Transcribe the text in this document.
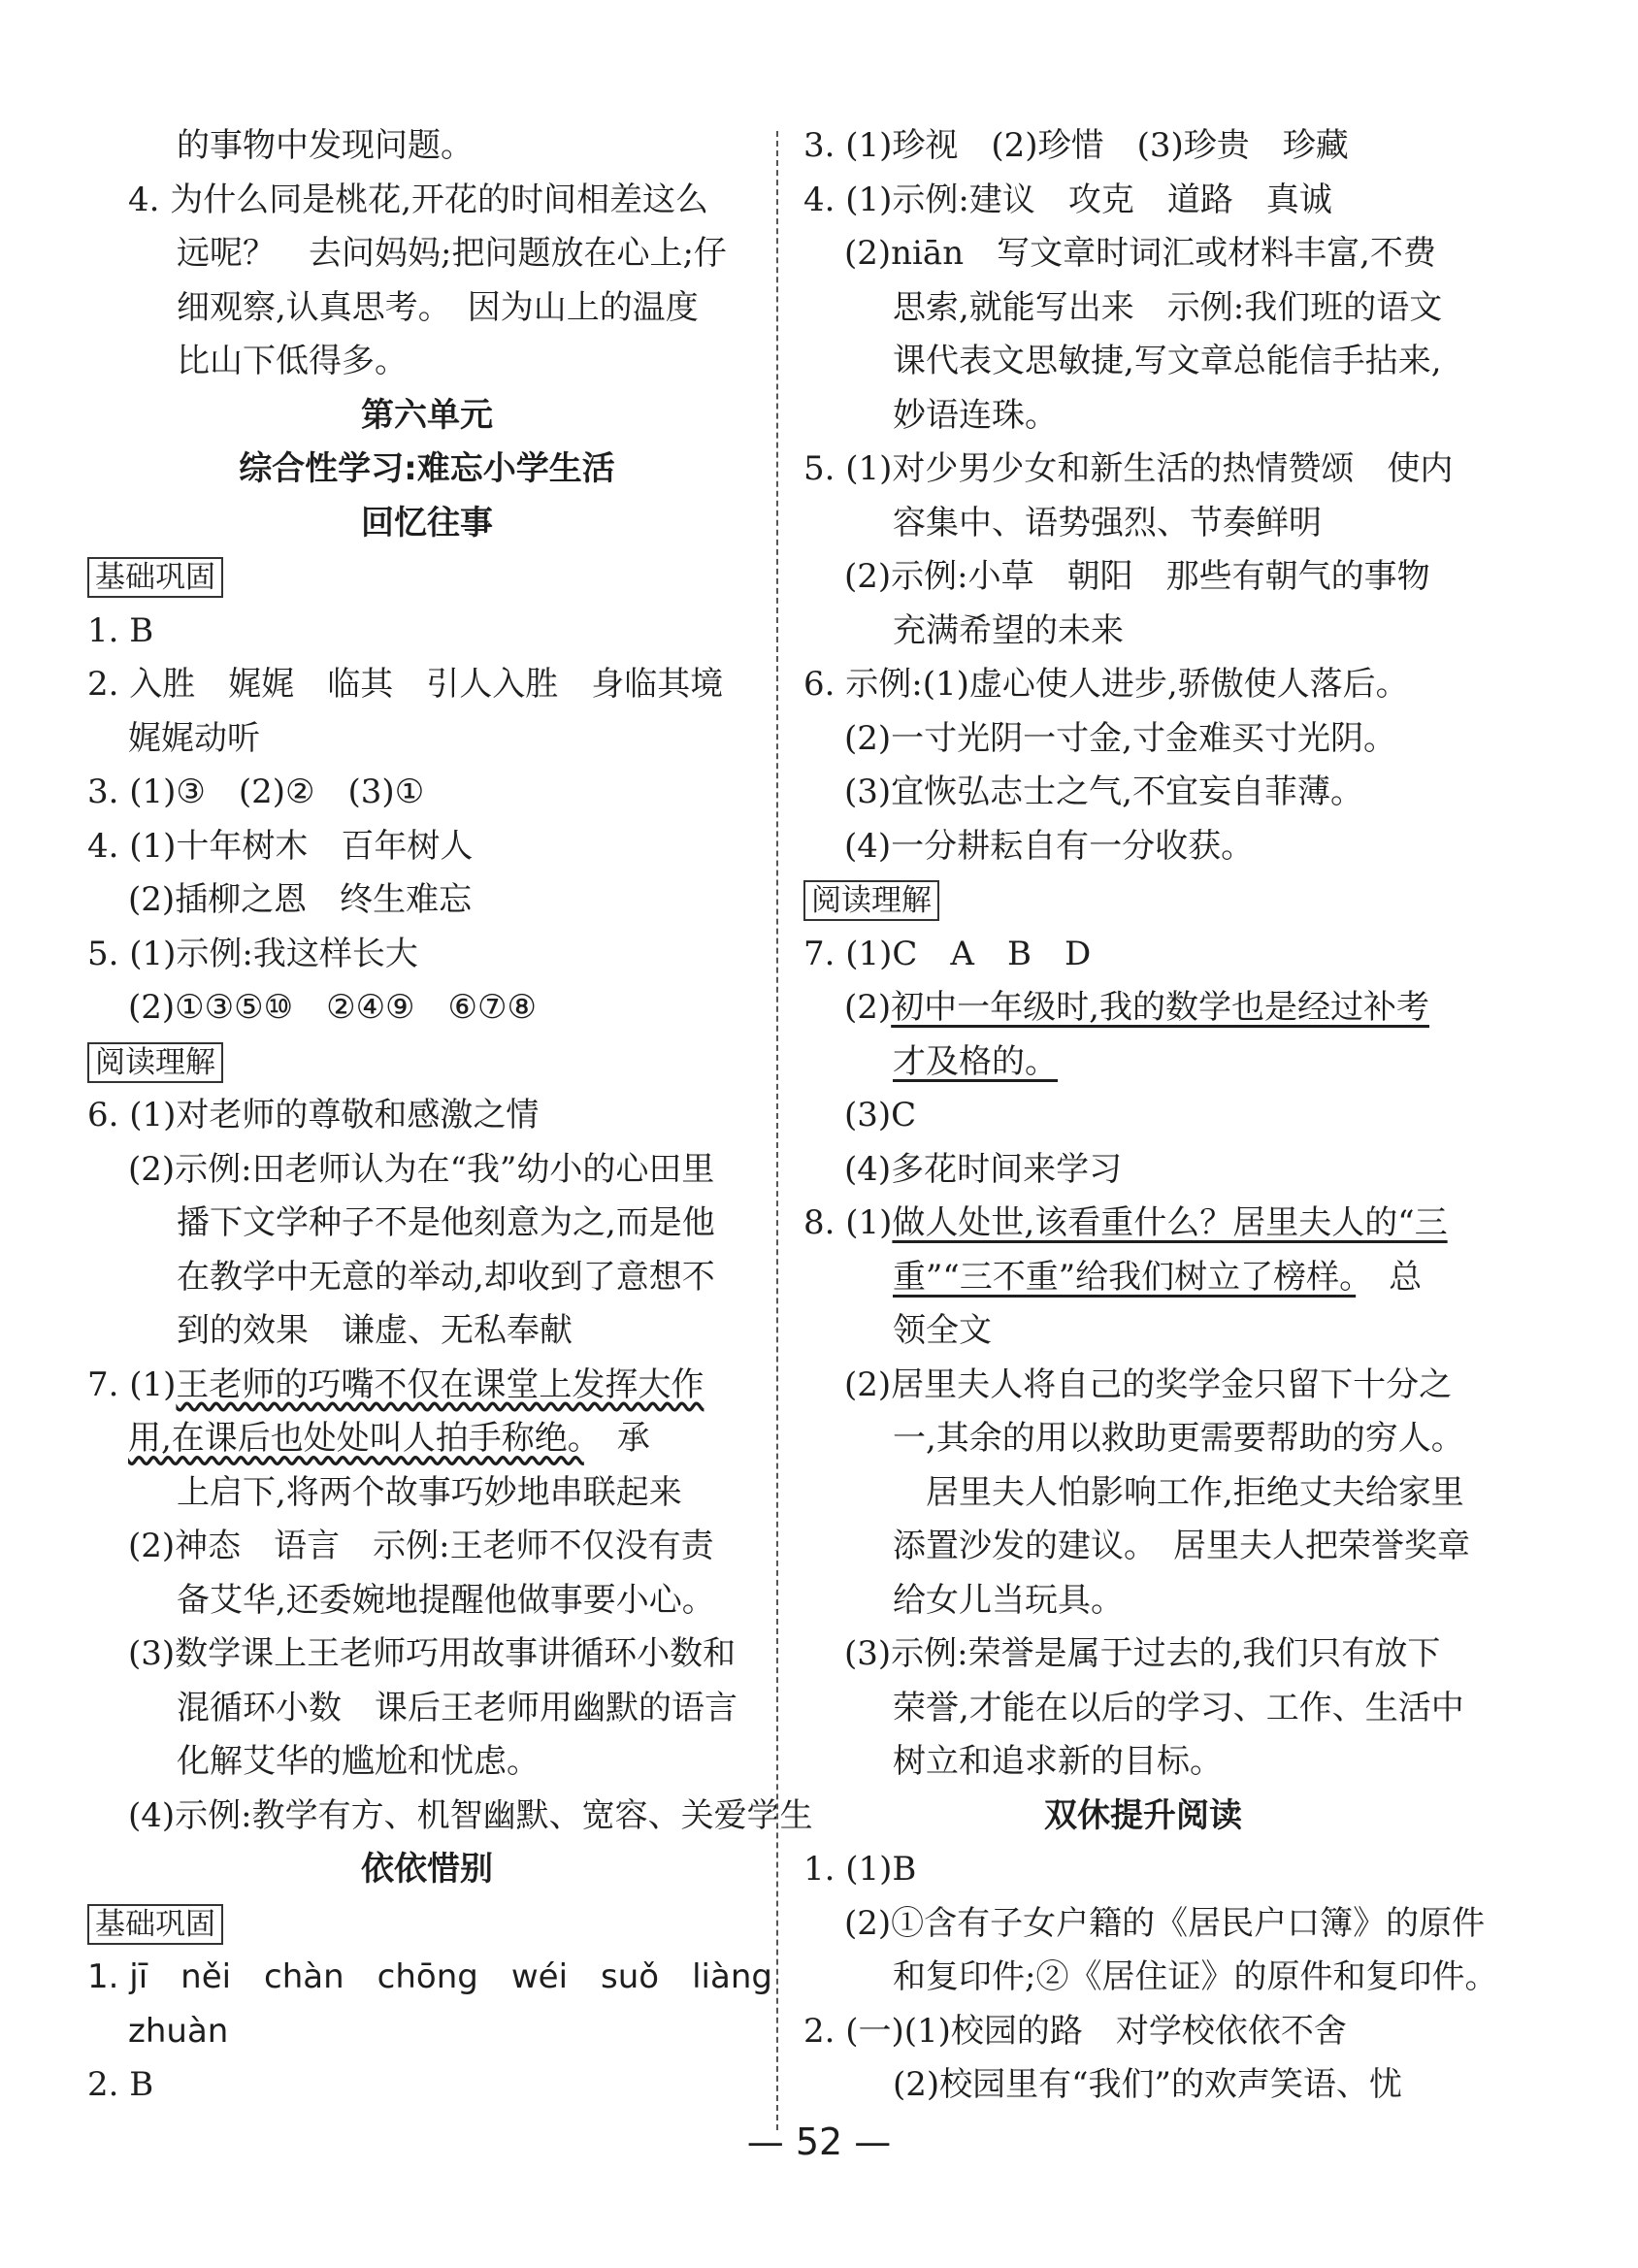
的事物中发现问题。
4. 为什么同是桃花,开花的时间相差这么
远呢？　去问妈妈;把问题放在心上;仔
细观察,认真思考。　因为山上的温度
比山下低得多。
第六单元
综合性学习:难忘小学生活
回忆往事
基础巩固
1. B
2. 入胜　娓娓　临其　引人入胜　身临其境
娓娓动听
3. (1)③　(2)②　(3)①
4. (1)十年树木　百年树人
(2)插柳之恩　终生难忘
5. (1)示例:我这样长大
(2)①③⑤⑩　②④⑨　⑥⑦⑧
阅读理解
6. (1)对老师的尊敬和感激之情
(2)示例:田老师认为在“我”幼小的心田里
播下文学种子不是他刻意为之,而是他
在教学中无意的举动,却收到了意想不
到的效果　谦虚、无私奉献
7. (1)王老师的巧嘴不仅在课堂上发挥大作
用,在课后也处处叫人拍手称绝。　承
上启下,将两个故事巧妙地串联起来
(2)神态　语言　示例:王老师不仅没有责
备艾华,还委婉地提醒他做事要小心。
(3)数学课上王老师巧用故事讲循环小数和
混循环小数　课后王老师用幽默的语言
化解艾华的尴尬和忧虑。
(4)示例:教学有方、机智幽默、宽容、关爱学生
依依惜别
基础巩固
1. jī　něi　chàn　chōng　wéi　suǒ　liàng
zhuàn
2. B
3. (1)珍视　(2)珍惜　(3)珍贵　珍藏
4. (1)示例:建议　攻克　道路　真诚
(2)niān　写文章时词汇或材料丰富,不费
思索,就能写出来　示例:我们班的语文
课代表文思敏捷,写文章总能信手拈来,
妙语连珠。
5. (1)对少男少女和新生活的热情赞颂　使内
容集中、语势强烈、节奏鲜明
(2)示例:小草　朝阳　那些有朝气的事物
充满希望的未来
6. 示例:(1)虚心使人进步,骄傲使人落后。
(2)一寸光阴一寸金,寸金难买寸光阴。
(3)宜恢弘志士之气,不宜妄自菲薄。
(4)一分耕耘自有一分收获。
阅读理解
7. (1)C　A　B　D
(2)初中一年级时,我的数学也是经过补考
才及格的。
(3)C
(4)多花时间来学习
8. (1)做人处世,该看重什么？居里夫人的“三
重”“三不重”给我们树立了榜样。　总
领全文
(2)居里夫人将自己的奖学金只留下十分之
一,其余的用以救助更需要帮助的穷人。
　居里夫人怕影响工作,拒绝丈夫给家里
添置沙发的建议。　居里夫人把荣誉奖章
给女儿当玩具。
(3)示例:荣誉是属于过去的,我们只有放下
荣誉,才能在以后的学习、工作、生活中
树立和追求新的目标。
双休提升阅读
1. (1)B
(2)①含有子女户籍的《居民户口簿》的原件
和复印件;②《居住证》的原件和复印件。
2. (一)(1)校园的路　对学校依依不舍
(2)校园里有“我们”的欢声笑语、忧
— 52 —
